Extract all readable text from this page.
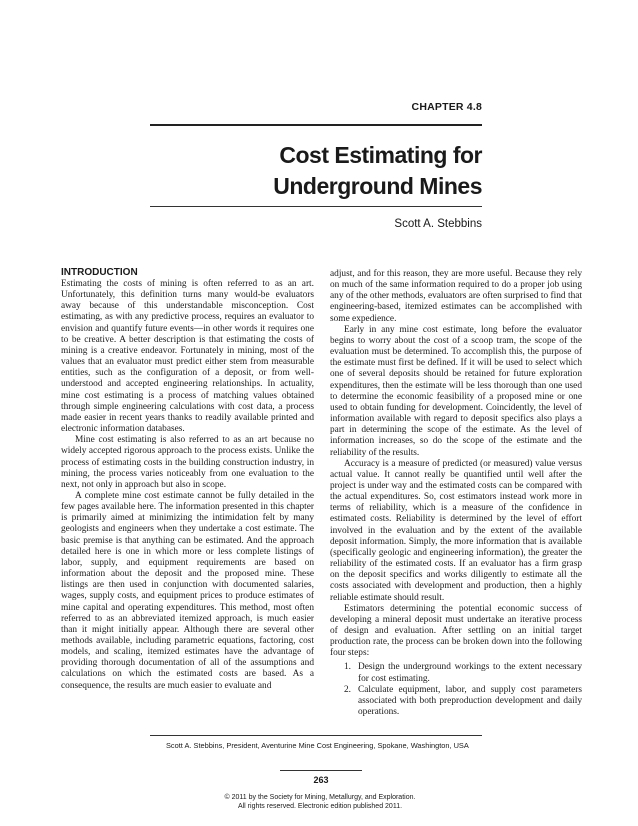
CHAPTER 4.8
Cost Estimating for
Underground Mines
Scott A. Stebbins
INTRODUCTION

Estimating the costs of mining is often referred to as an art. Unfortunately, this definition turns many would-be evaluators away because of this understandable misconception. Cost estimating, as with any predictive process, requires an evaluator to envision and quantify future events—in other words it requires one to be creative. A better description is that estimating the costs of mining is a creative endeavor. Fortunately in mining, most of the values that an evaluator must predict either stem from measurable entities, such as the configuration of a deposit, or from well-understood and accepted engineering relationships. In actuality, mine cost estimating is a process of matching values obtained through simple engineering calculations with cost data, a process made easier in recent years thanks to readily available printed and electronic information databases.

Mine cost estimating is also referred to as an art because no widely accepted rigorous approach to the process exists. Unlike the process of estimating costs in the building construction industry, in mining, the process varies noticeably from one evaluation to the next, not only in approach but also in scope.

A complete mine cost estimate cannot be fully detailed in the few pages available here. The information presented in this chapter is primarily aimed at minimizing the intimidation felt by many geologists and engineers when they undertake a cost estimate. The basic premise is that anything can be estimated. And the approach detailed here is one in which more or less complete listings of labor, supply, and equipment requirements are based on information about the deposit and the proposed mine. These listings are then used in conjunction with documented salaries, wages, supply costs, and equipment prices to produce estimates of mine capital and operating expenditures. This method, most often referred to as an abbreviated itemized approach, is much easier than it might initially appear. Although there are several other methods available, including parametric equations, factoring, cost models, and scaling, itemized estimates have the advantage of providing thorough documentation of all of the assumptions and calculations on which the estimated costs are based. As a consequence, the results are much easier to evaluate and

adjust, and for this reason, they are more useful. Because they rely on much of the same information required to do a proper job using any of the other methods, evaluators are often surprised to find that engineering-based, itemized estimates can be accomplished with some expedience.

Early in any mine cost estimate, long before the evaluator begins to worry about the cost of a scoop tram, the scope of the evaluation must be determined. To accomplish this, the purpose of the estimate must first be defined. If it will be used to select which one of several deposits should be retained for future exploration expenditures, then the estimate will be less thorough than one used to determine the economic feasibility of a proposed mine or one used to obtain funding for development. Coincidently, the level of information available with regard to deposit specifics also plays a part in determining the scope of the estimate. As the level of information increases, so do the scope of the estimate and the reliability of the results.

Accuracy is a measure of predicted (or measured) value versus actual value. It cannot really be quantified until well after the project is under way and the estimated costs can be compared with the actual expenditures. So, cost estimators instead work more in terms of reliability, which is a measure of the confidence in estimated costs. Reliability is determined by the level of effort involved in the evaluation and by the extent of the available deposit information. Simply, the more information that is available (specifically geologic and engineering information), the greater the reliability of the estimated costs. If an evaluator has a firm grasp on the deposit specifics and works diligently to estimate all the costs associated with development and production, then a highly reliable estimate should result.

Estimators determining the potential economic success of developing a mineral deposit must undertake an iterative process of design and evaluation. After settling on an initial target production rate, the process can be broken down into the following four steps:

1. Design the underground workings to the extent necessary for cost estimating.
2. Calculate equipment, labor, and supply cost parameters associated with both preproduction development and daily operations.
Scott A. Stebbins, President, Aventurine Mine Cost Engineering, Spokane, Washington, USA
263
© 2011 by the Society for Mining, Metallurgy, and Exploration.
All rights reserved. Electronic edition published 2011.
